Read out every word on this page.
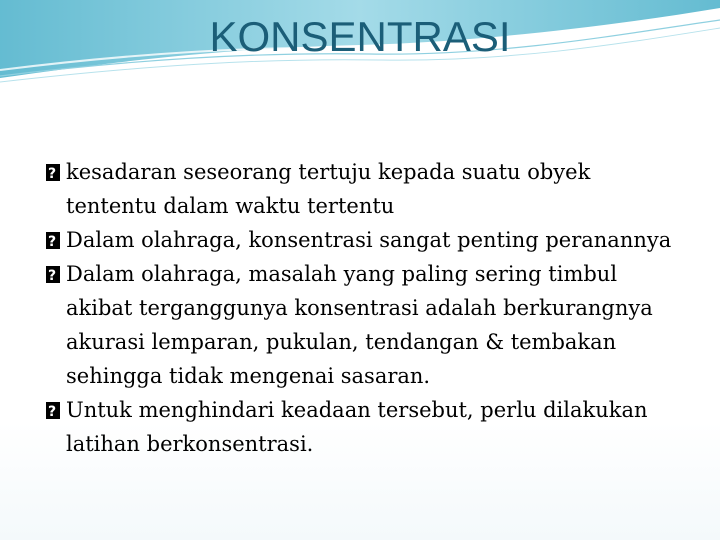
KONSENTRASI
?
kesadaran seseorang tertuju kepada suatu obyek tententu dalam waktu tertentu
?
Dalam olahraga, konsentrasi sangat penting peranannya
?
Dalam olahraga, masalah yang paling sering timbul akibat terganggunya konsentrasi adalah berkurangnya akurasi lemparan, pukulan, tendangan & tembakan sehingga tidak mengenai sasaran.
?
Untuk menghindari keadaan tersebut, perlu dilakukan latihan berkonsentrasi.
